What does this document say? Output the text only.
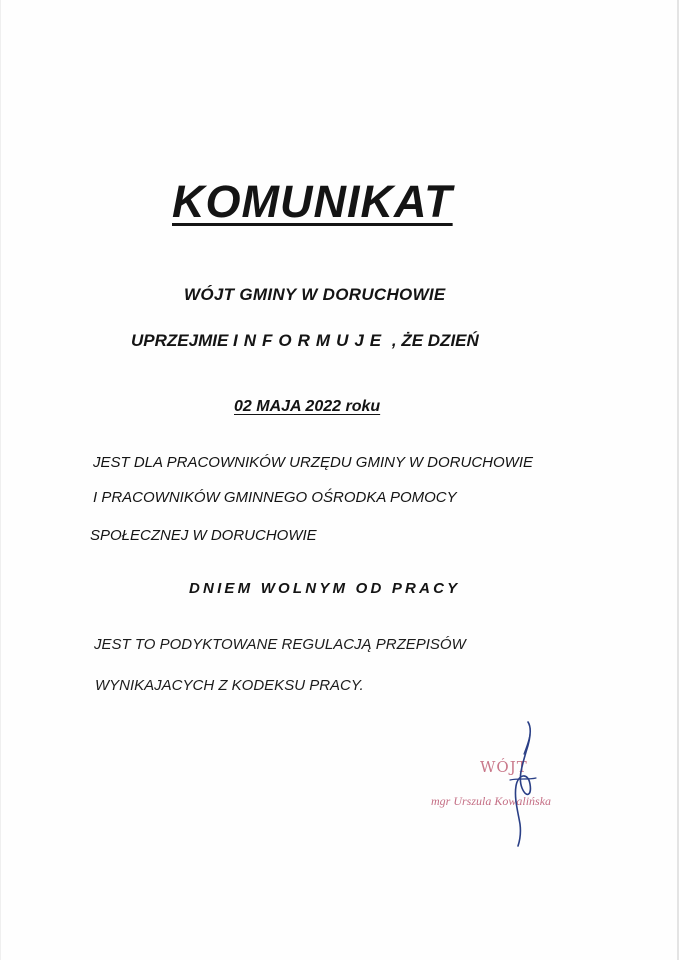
KOMUNIKAT
WÓJT GMINY W DORUCHOWIE
UPRZEJMIE INFORMUJE , ŻE DZIEŃ
02 MAJA 2022 roku
JEST DLA PRACOWNIKÓW URZĘDU GMINY W DORUCHOWIE
I PRACOWNIKÓW GMINNEGO OŚRODKA POMOCY
SPOŁECZNEJ W DORUCHOWIE
DNIEM WOLNYM OD PRACY
JEST TO PODYKTOWANE REGULACJĄ PRZEPISÓW
WYNIKAJACYCH Z KODEKSU PRACY.
WÓJT
mgr Urszula Kowalińska
